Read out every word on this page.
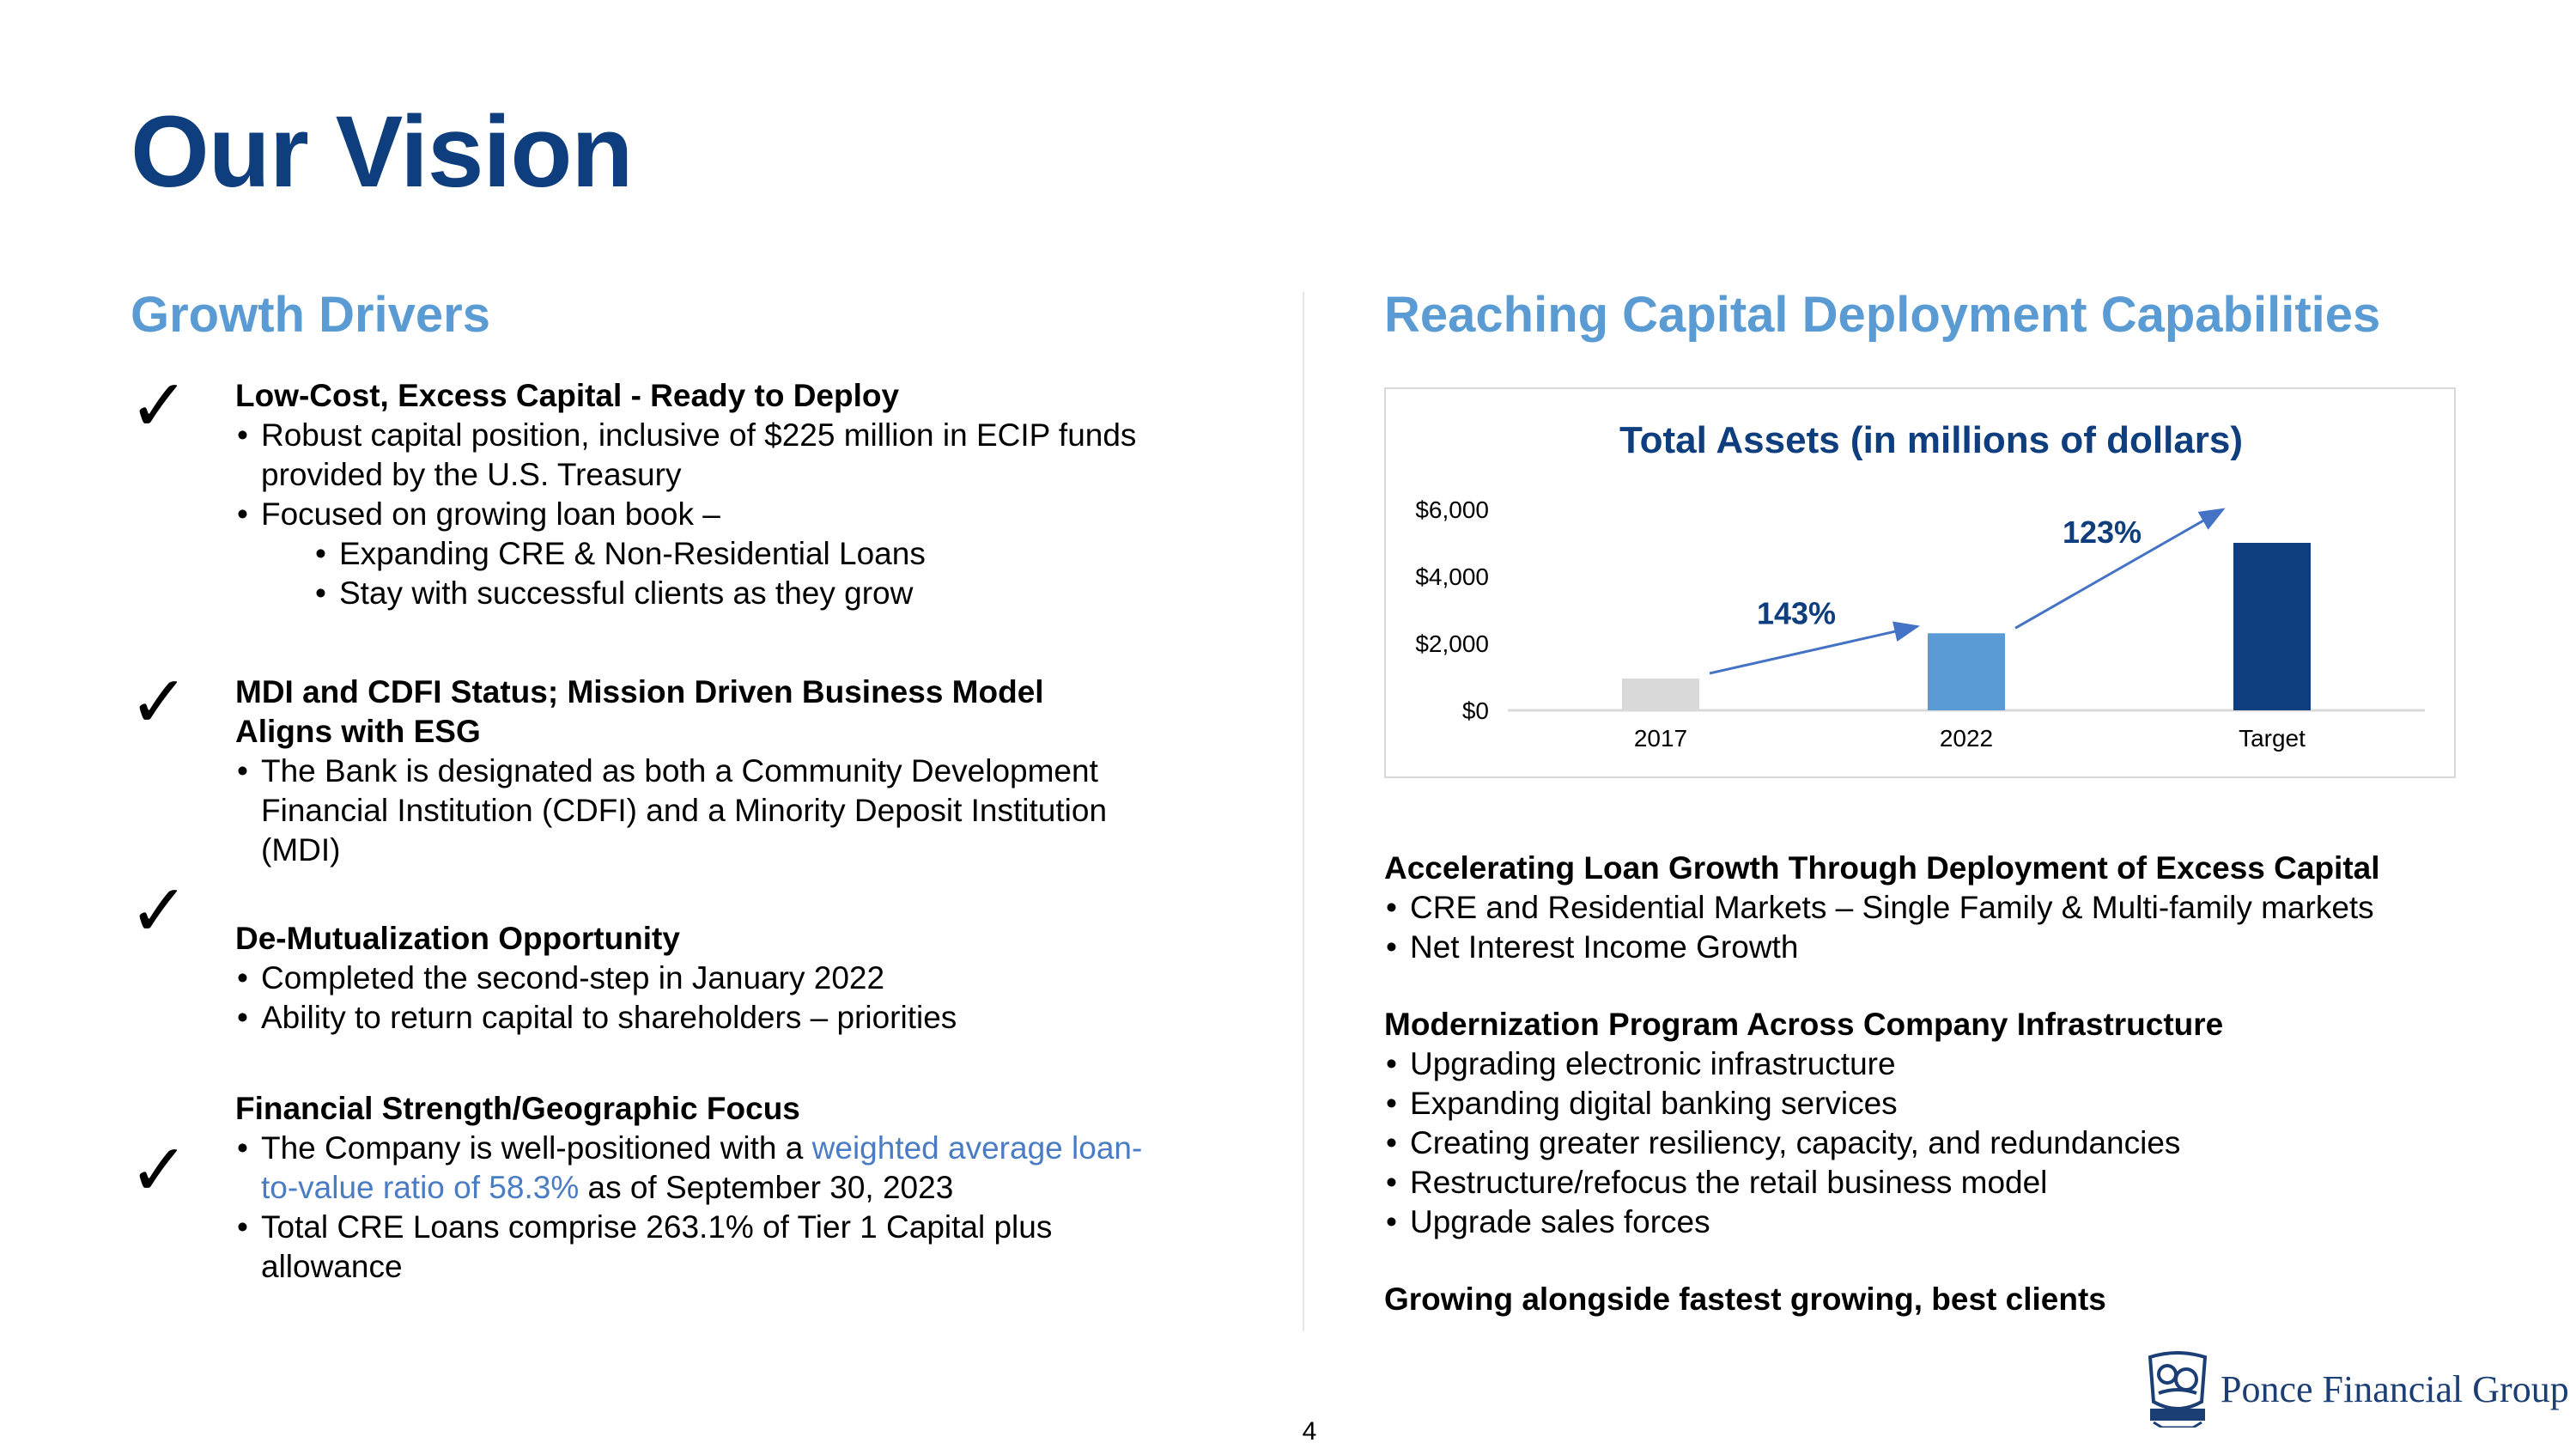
Our Vision
Growth Drivers	Reaching Capital Deployment Capabilities
✓
✓
✓
✓
Low-Cost, Excess Capital - Ready to Deploy
• Robust capital position, inclusive of $225 million in ECIP funds provided by the U.S. Treasury
• Focused on growing loan book –
• Expanding CRE & Non-Residential Loans
• Stay with successful clients as they grow
MDI and CDFI Status; Mission Driven Business Model
Aligns with ESG
• The Bank is designated as both a Community Development Financial Institution (CDFI) and a Minority Deposit Institution (MDI)
De-Mutualization Opportunity
• Completed the second-step in January 2022
• Ability to return capital to shareholders – priorities
Financial Strength/Geographic Focus
• The Company is well-positioned with a weighted average loan-to-value ratio of 58.3% as of September 30, 2023
• Total CRE Loans comprise 263.1% of Tier 1 Capital plus allowance
Total Assets (in millions of dollars)
$0
$2,000
$4,000
$6,000
2017	2022	Target
143%
123%
Accelerating Loan Growth Through Deployment of Excess Capital
• CRE and Residential Markets – Single Family & Multi-family markets
• Net Interest Income Growth
Modernization Program Across Company Infrastructure
• Upgrading electronic infrastructure
• Expanding digital banking services
• Creating greater resiliency, capacity, and redundancies
• Restructure/refocus the retail business model
• Upgrade sales forces
Growing alongside fastest growing, best clients
4
Ponce Financial Group
